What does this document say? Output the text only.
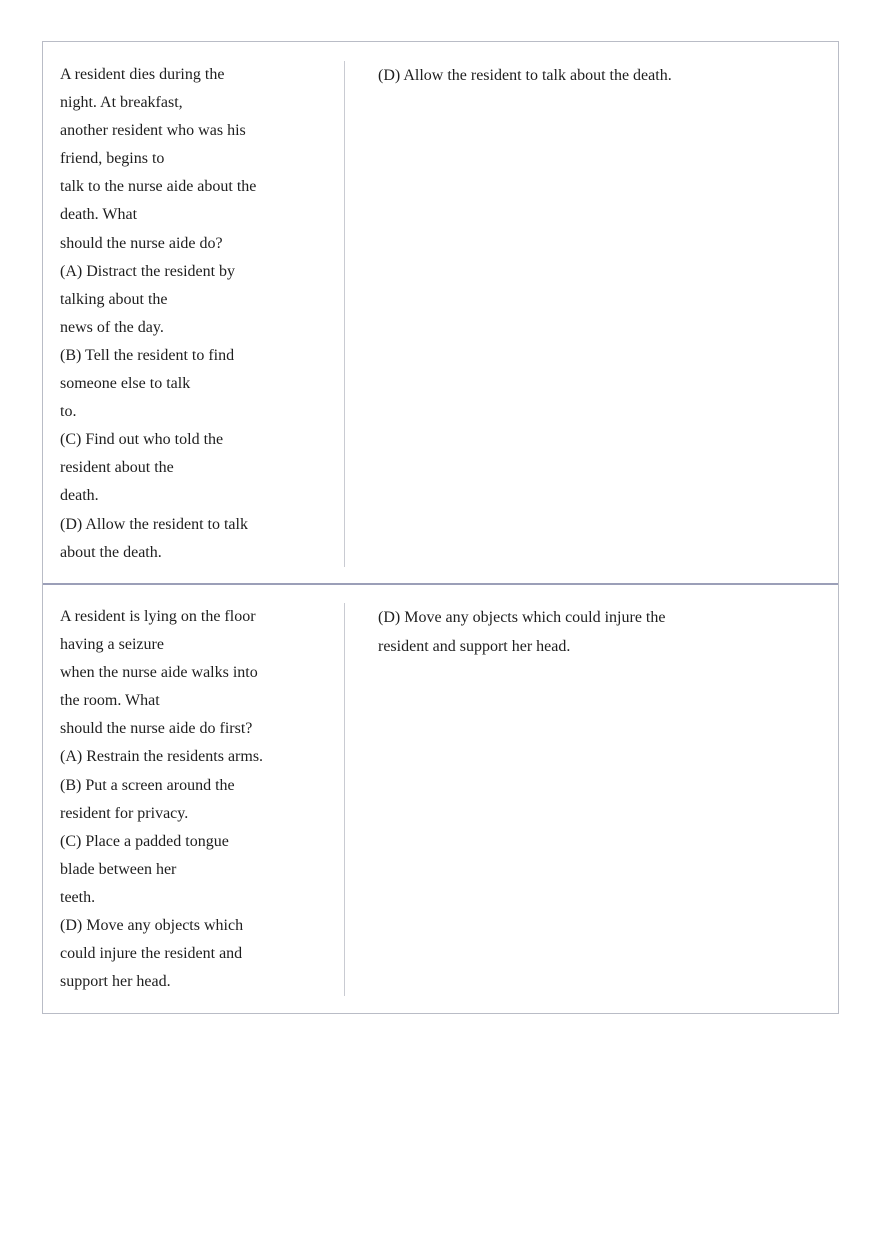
A resident dies during the
night. At breakfast,
another resident who was his
friend, begins to
talk to the nurse aide about the
death. What
should the nurse aide do?
(A) Distract the resident by
talking about the
news of the day.
(B) Tell the resident to find
someone else to talk
to.
(C) Find out who told the
resident about the
death.
(D) Allow the resident to talk
about the death.
(D) Allow the resident to talk about the death.
A resident is lying on the floor
having a seizure
when the nurse aide walks into
the room. What
should the nurse aide do first?
(A) Restrain the residents arms.
(B) Put a screen around the
resident for privacy.
(C) Place a padded tongue
blade between her
teeth.
(D) Move any objects which
could injure the resident and
support her head.
(D) Move any objects which could injure the
resident and support her head.
